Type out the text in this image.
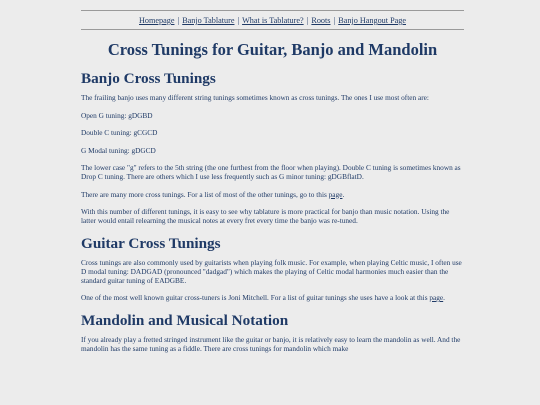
Homepage | Banjo Tablature | What is Tablature? | Roots | Banjo Hangout Page
Cross Tunings for Guitar, Banjo and Mandolin
Banjo Cross Tunings

The frailing banjo uses many different string tunings sometimes known as cross tunings. The ones I use most often are:

Open G tuning: gDGBD

Double C tuning: gCGCD

G Modal tuning: gDGCD

The lower case "g" refers to the 5th string (the one furthest from the floor when playing). Double C tuning is sometimes known as Drop C tuning. There are others which I use less frequently such as G minor tuning: gDGBflatD.

There are many more cross tunings. For a list of most of the other tunings, go to this page.

With this number of different tunings, it is easy to see why tablature is more practical for banjo than music notation. Using the latter would entail relearning the musical notes at every fret every time the banjo was re-tuned.

Guitar Cross Tunings

Cross tunings are also commonly used by guitarists when playing folk music. For example, when playing Celtic music, I often use D modal tuning: DADGAD (pronounced "dadgad") which makes the playing of Celtic modal harmonies much easier than the standard guitar tuning of EADGBE.

One of the most well known guitar cross-tuners is Joni Mitchell. For a list of guitar tunings she uses have a look at this page.

Mandolin and Musical Notation

If you already play a fretted stringed instrument like the guitar or banjo, it is relatively easy to learn the mandolin as well. And the mandolin has the same tuning as a fiddle. There are cross tunings for mandolin which make
